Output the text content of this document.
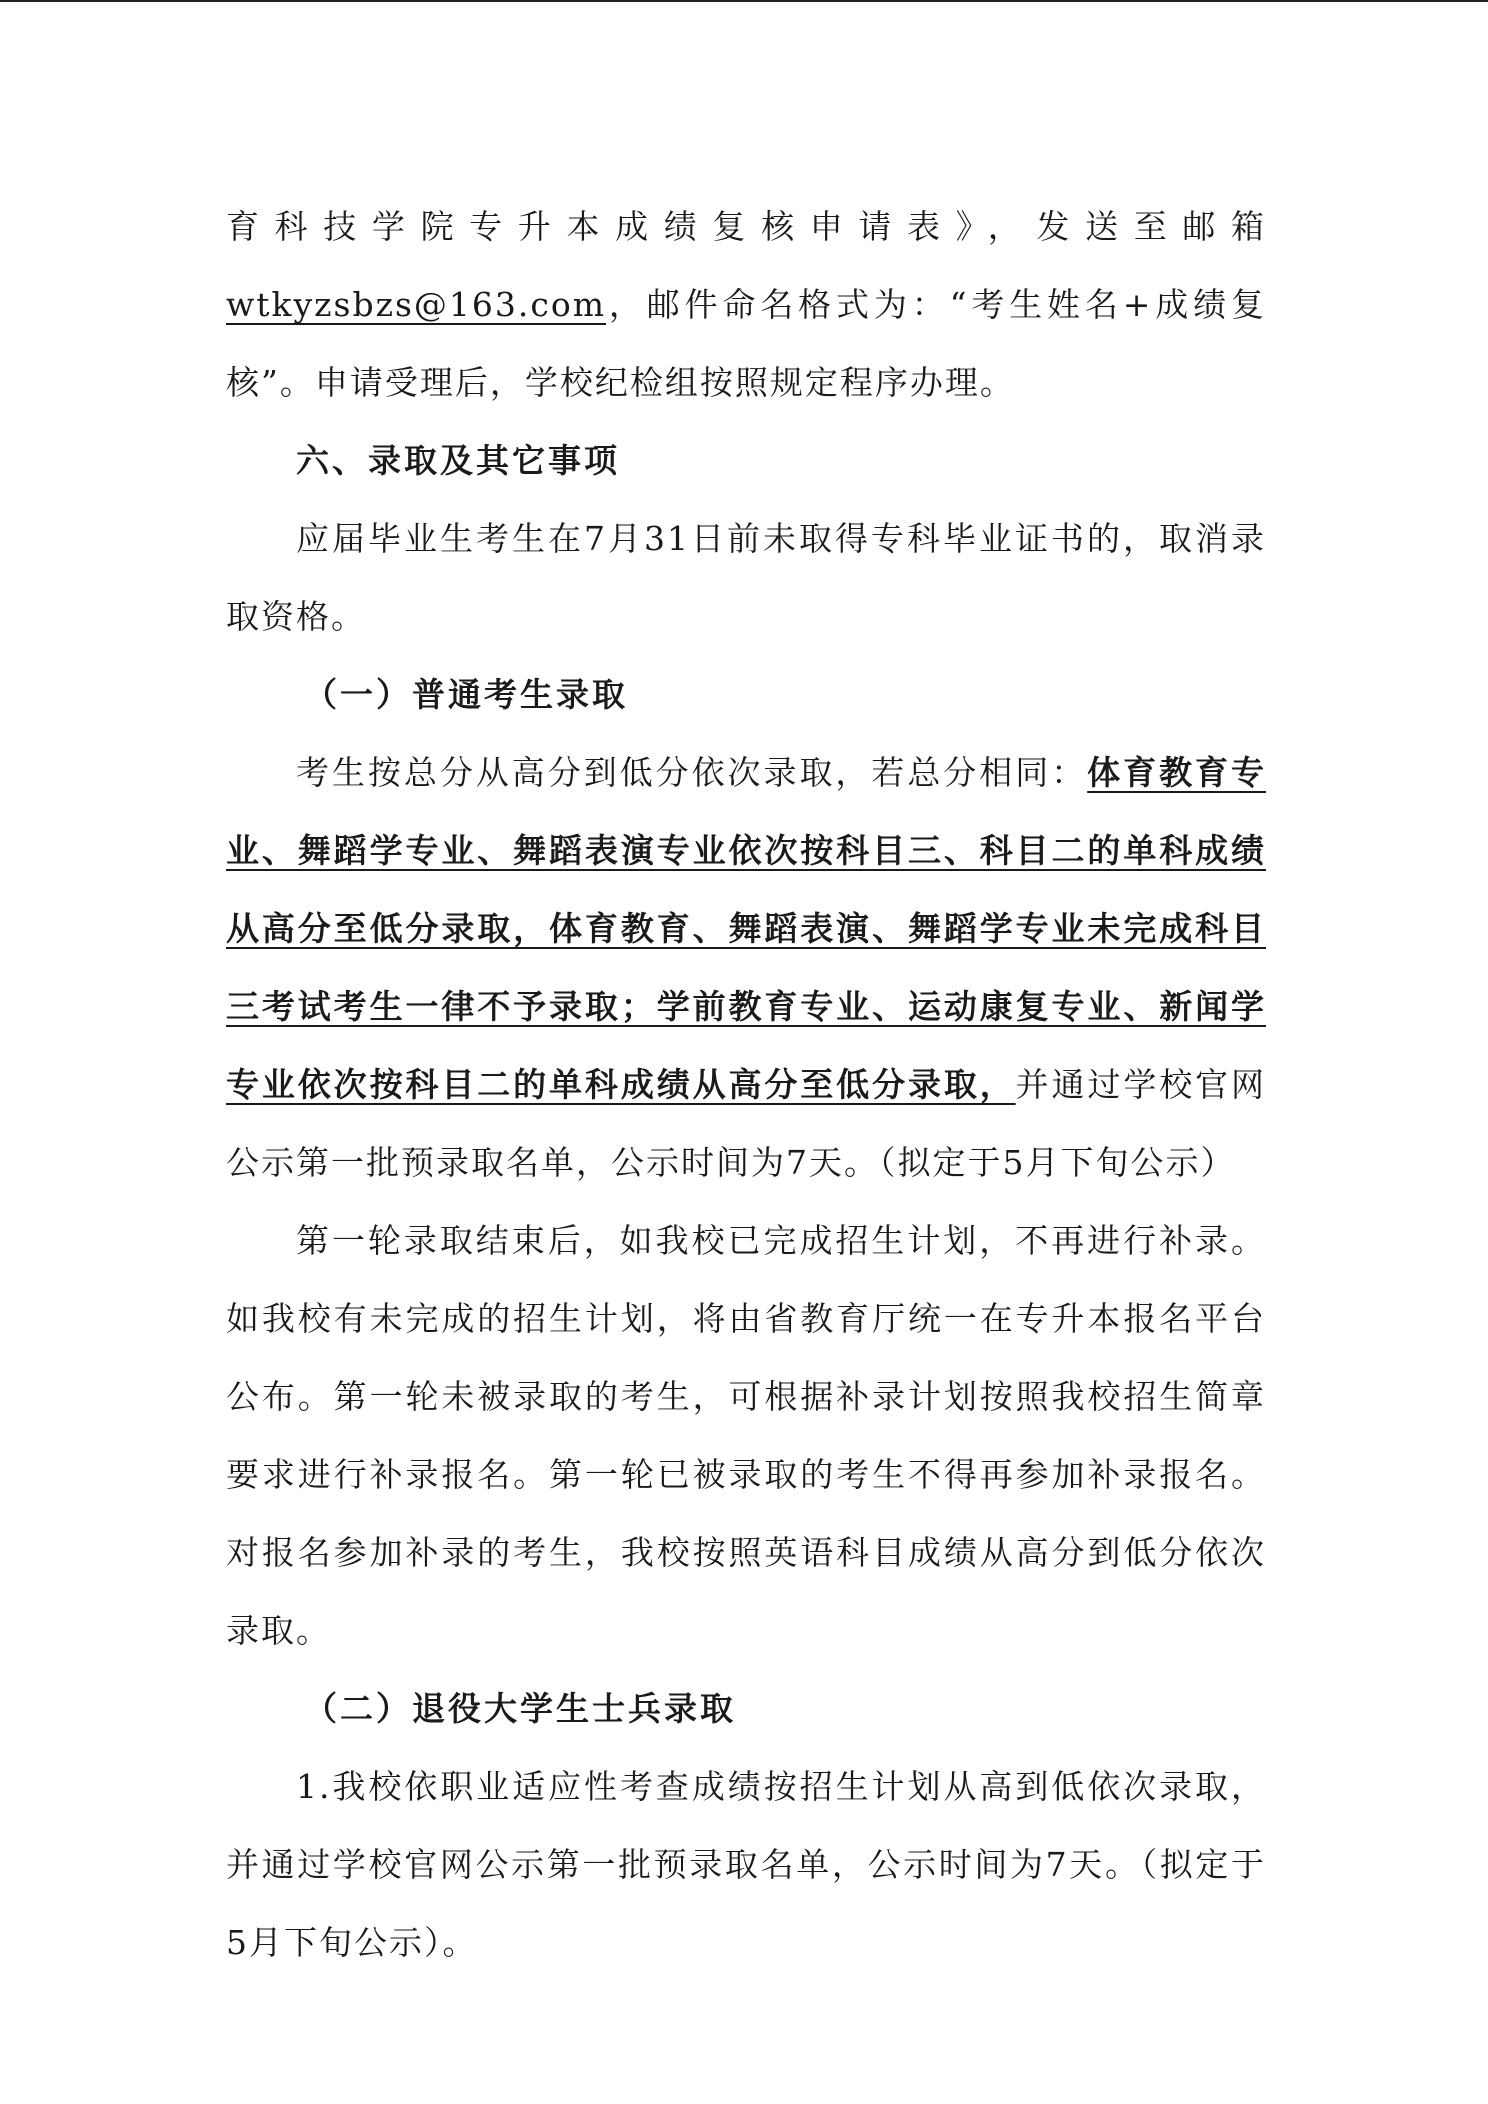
育科技学院专升本成绩复核申请表》，发送至邮箱wtkyzsbzs@163.com，邮件命名格式为：“考生姓名+成绩复核”。申请受理后，学校纪检组按照规定程序办理。

六、录取及其它事项

应届毕业生考生在7月31日前未取得专科毕业证书的，取消录取资格。

（一）普通考生录取

考生按总分从高分到低分依次录取，若总分相同：体育教育专业、舞蹈学专业、舞蹈表演专业依次按科目三、科目二的单科成绩从高分至低分录取，体育教育、舞蹈表演、舞蹈学专业未完成科目三考试考生一律不予录取；学前教育专业、运动康复专业、新闻学专业依次按科目二的单科成绩从高分至低分录取，并通过学校官网公示第一批预录取名单，公示时间为7天。（拟定于5月下旬公示）

第一轮录取结束后，如我校已完成招生计划，不再进行补录。如我校有未完成的招生计划，将由省教育厅统一在专升本报名平台公布。第一轮未被录取的考生，可根据补录计划按照我校招生简章要求进行补录报名。第一轮已被录取的考生不得再参加补录报名。对报名参加补录的考生，我校按照英语科目成绩从高分到低分依次录取。

（二）退役大学生士兵录取

1.我校依职业适应性考查成绩按招生计划从高到低依次录取，并通过学校官网公示第一批预录取名单，公示时间为7天。（拟定于5月下旬公示）。
